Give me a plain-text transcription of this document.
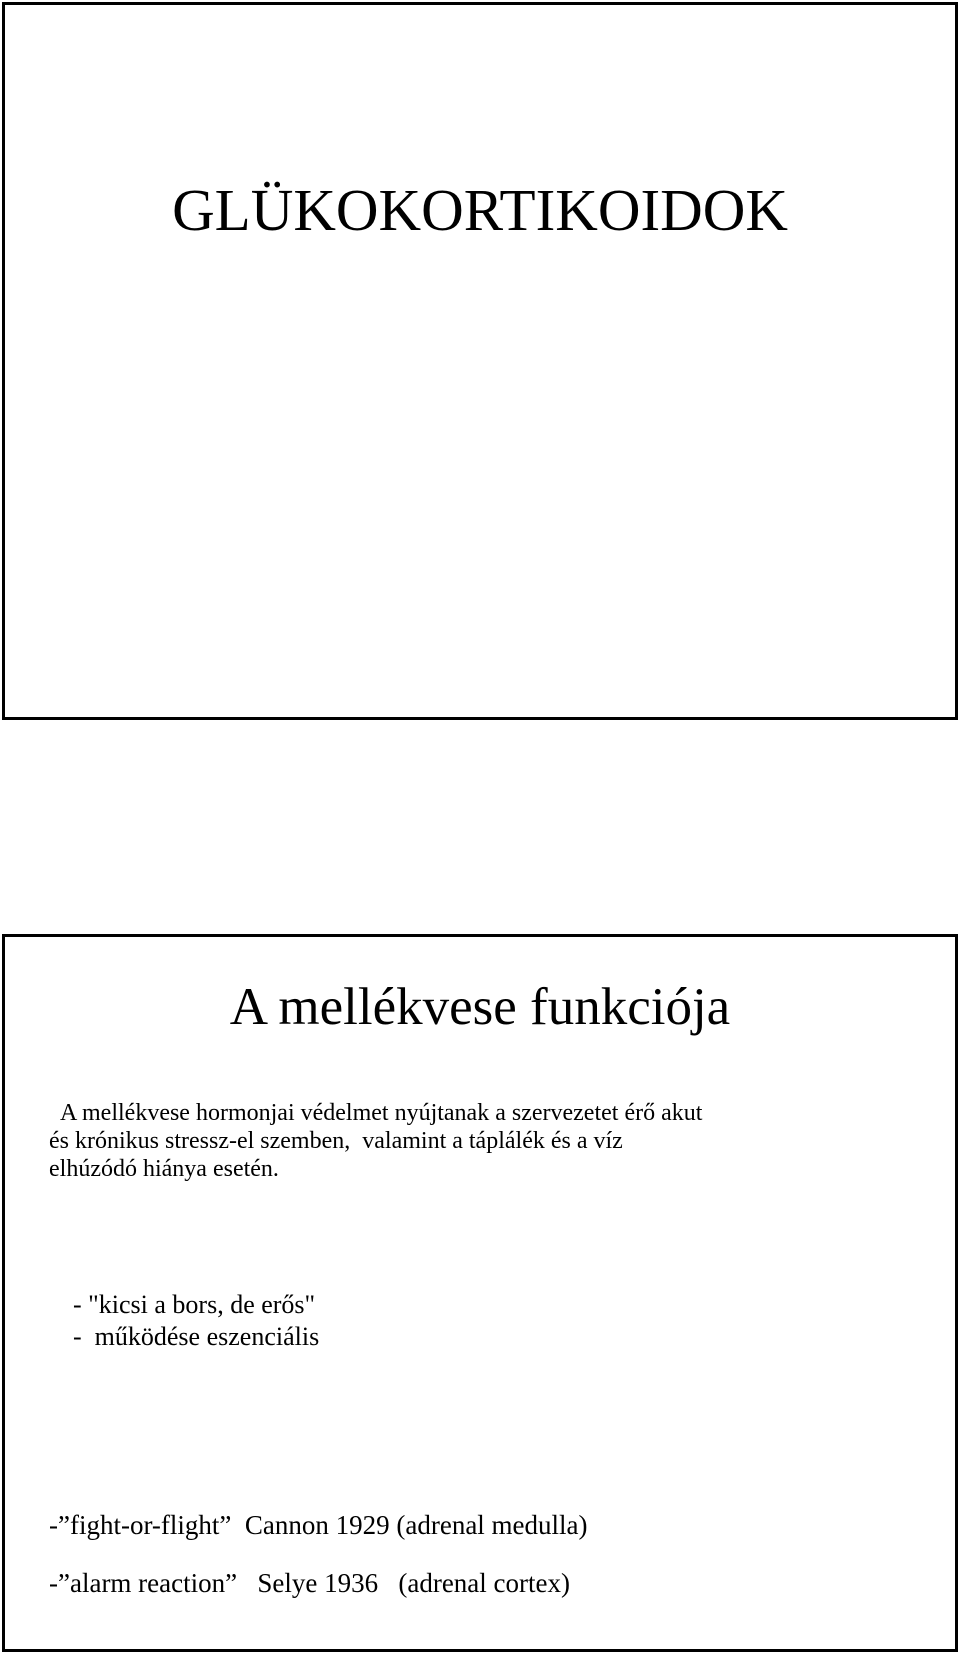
GLÜKOKORTIKOIDOK
A mellékvese funkciója
A mellékvese hormonjai védelmet nyújtanak a szervezetet érő akut
és krónikus stressz-el szemben,  valamint a táplálék és a víz
elhúzódó hiánya esetén.
- "kicsi a bors, de erős"
-  működése eszenciális
-”fight-or-flight”  Cannon 1929 (adrenal medulla)
-”alarm reaction”   Selye 1936   (adrenal cortex)
